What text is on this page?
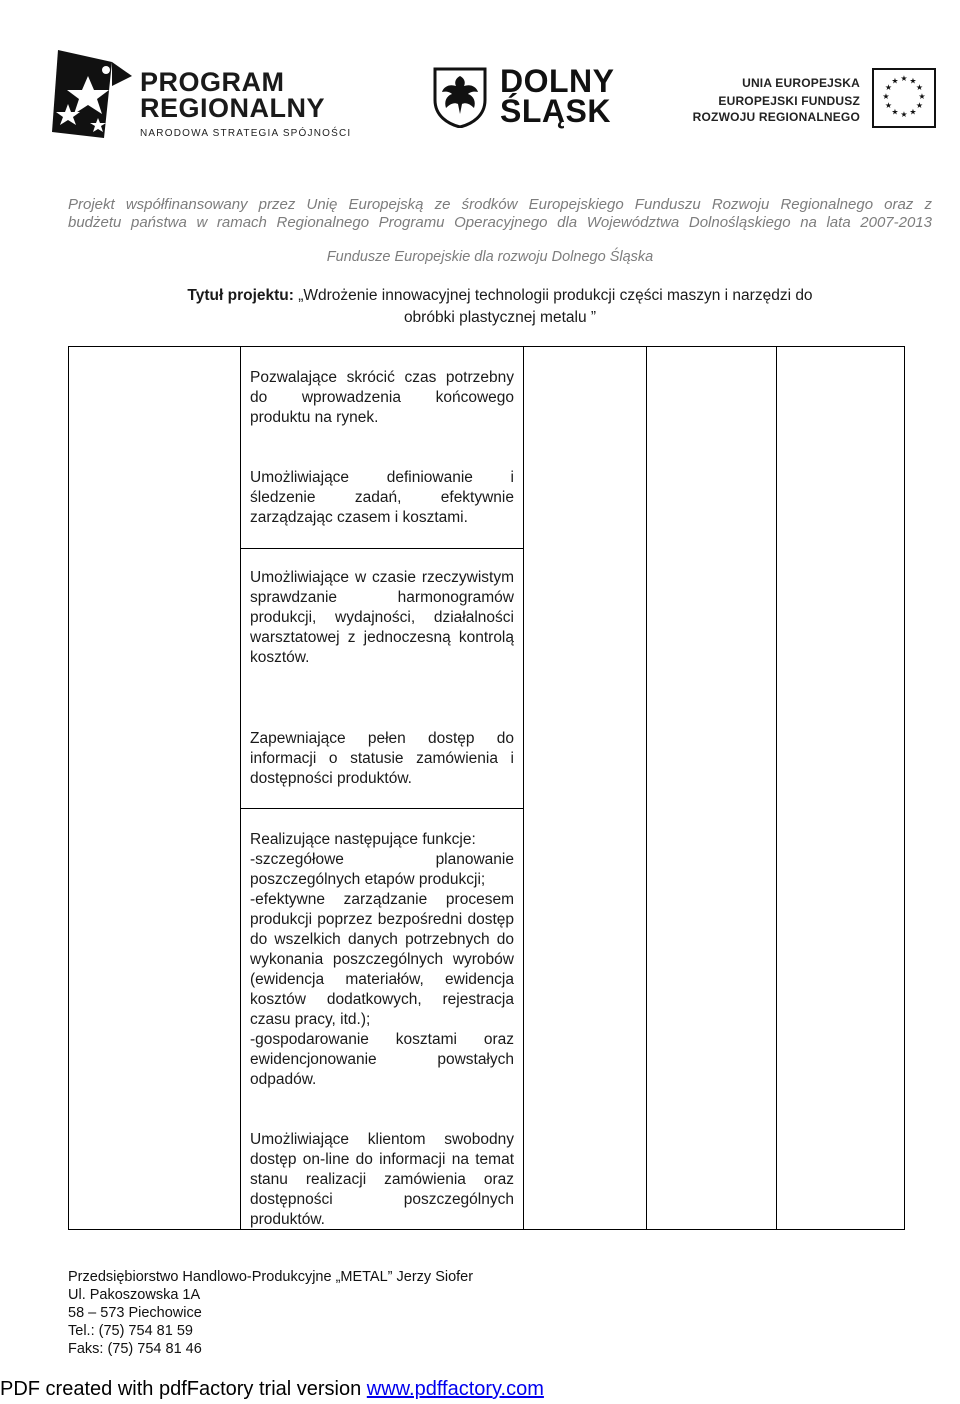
PROGRAM
REGIONALNY
NARODOWA STRATEGIA SPÓJNOŚCI
DOLNY
ŚLĄSK
UNIA EUROPEJSKA
EUROPEJSKI FUNDUSZ
ROZWOJU REGIONALNEGO
★ ★
★
★
★
★
★
★
★
★
★
★
Projekt współfinansowany przez Unię Europejską ze środków Europejskiego Funduszu Rozwoju Regionalnego oraz z
budżetu państwa w ramach Regionalnego Programu Operacyjnego dla Województwa Dolnośląskiego na lata 2007-2013
Fundusze Europejskie dla rozwoju Dolnego Śląska
Tytuł projektu: „Wdrożenie innowacyjnej technologii produkcji części maszyn i narzędzi do
obróbki plastycznej metalu ”

Pozwalające skrócić czas potrzebny do wprowadzenia końcowego produktu na rynek.

Umożliwiające definiowanie i śledzenie zadań, efektywnie zarządzając czasem i kosztami.

Umożliwiające w czasie rzeczywistym sprawdzanie harmonogramów produkcji, wydajności, działalności warsztatowej z jednoczesną kontrolą kosztów.

Zapewniające pełen dostęp do informacji o statusie zamówienia i dostępności produktów.

Realizujące następujące funkcje:

-szczegółowe planowanie poszczególnych etapów produkcji;

-efektywne zarządzanie procesem produkcji poprzez bezpośredni dostęp do wszelkich danych potrzebnych do wykonania poszczególnych wyrobów (ewidencja materiałów, ewidencja kosztów dodatkowych, rejestracja czasu pracy, itd.);

-gospodarowanie kosztami oraz ewidencjonowanie powstałych odpadów.

Umożliwiające klientom swobodny dostęp on-line do informacji na temat stanu realizacji zamówienia oraz dostępności poszczególnych produktów.

Przedsiębiorstwo Handlowo-Produkcyjne „METAL” Jerzy Siofer
Ul. Pakoszowska 1A
58 – 573 Piechowice
Tel.: (75) 754 81 59
Faks: (75) 754 81 46
PDF created with pdfFactory trial version www.pdffactory.com
